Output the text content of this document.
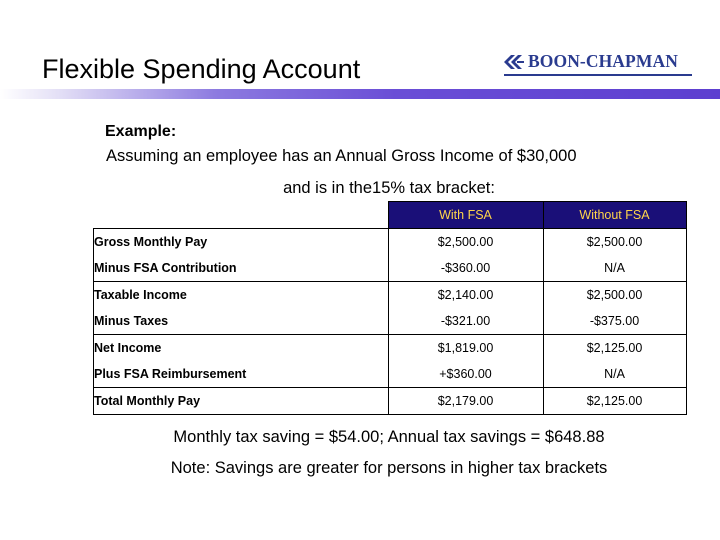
Flexible Spending Account	BOON-CHAPMAN
Example:
Assuming an employee has an Annual Gross Income of $30,000
and is in the15% tax bracket:
	With FSA	Without FSA
Gross Monthly Pay	$2,500.00	$2,500.00
Minus FSA Contribution	-$360.00	N/A
Taxable Income	$2,140.00	$2,500.00
Minus Taxes	-$321.00	-$375.00
Net Income	$1,819.00	$2,125.00
Plus FSA Reimbursement	+$360.00	N/A
Total Monthly Pay	$2,179.00	$2,125.00
Monthly tax saving = $54.00; Annual tax savings = $648.88
Note: Savings are greater for persons in higher tax brackets
